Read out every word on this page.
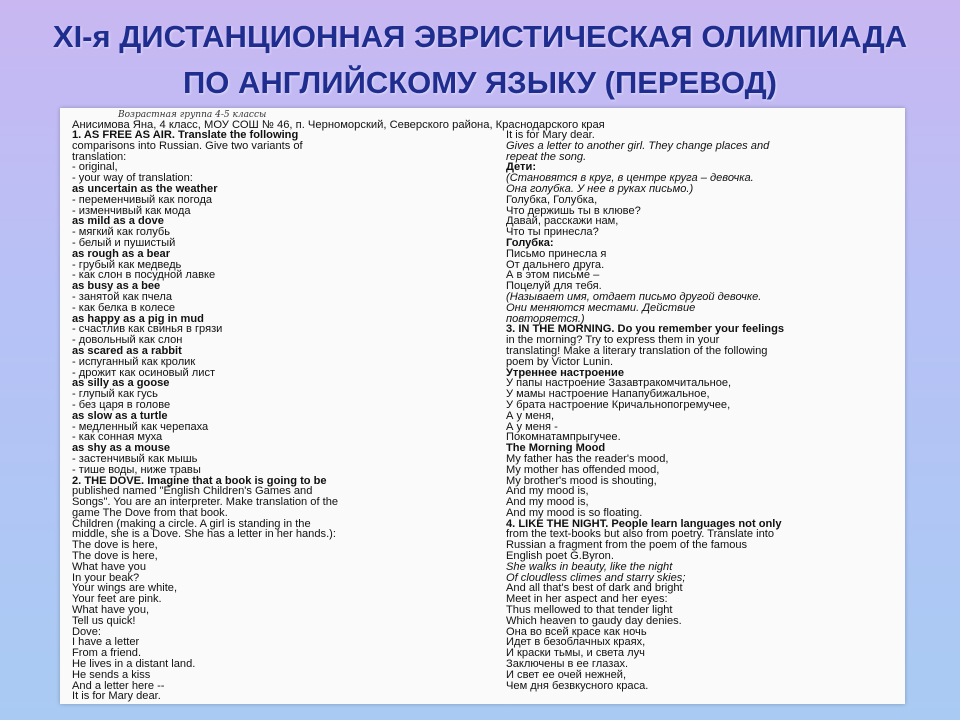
XI-я ДИСТАНЦИОННАЯ ЭВРИСТИЧЕСКАЯ ОЛИМПИАДА
ПО АНГЛИЙСКОМУ ЯЗЫКУ (ПЕРЕВОД)
Возрастная группа 4-5 классы
Анисимова Яна, 4 класс, МОУ СОШ № 46, п. Черноморский, Северского района, Краснодарского края
1. AS FREE AS AIR. Translate the following
comparisons into Russian. Give two variants of
translation:
- original,
- your way of translation:
as uncertain as the weather
- переменчивый как погода
- изменчивый как мода
as mild as a dove
- мягкий как голубь
- белый и пушистый
as rough as a bear
- грубый как медведь
- как слон в посудной лавке
as busy as a bee
- занятой как пчела
- как белка в колесе
as happy as a pig in mud
- счастлив как свинья в грязи
- довольный как слон
as scared as a rabbit
- испуганный как кролик
- дрожит как осиновый лист
as silly as a goose
- глупый как гусь
- без царя в голове
as slow as a turtle
- медленный как черепаха
- как сонная муха
as shy as a mouse
- застенчивый как мышь
- тише воды, ниже травы
2. THE DOVE. Imagine that a book is going to be
published named "English Children's Games and
Songs". You are an interpreter. Make translation of the
game The Dove from that book.
Children (making a circle. A girl is standing in the
middle, she is a Dove. She has a letter in her hands.):
The dove is here,
The dove is here,
What have you
In your beak?
Your wings are white,
Your feet are pink.
What have you,
Tell us quick!
Dove:
I have a letter
From a friend.
He lives in a distant land.
He sends a kiss
And a letter here --
It is for Mary dear.
It is for Mary dear.
Gives a letter to another girl. They change places and
repeat the song.
Дети:
(Становятся в круг, в центре круга – девочка.
Она голубка. У нее в руках письмо.)
Голубка, Голубка,
Что держишь ты в клюве?
Давай, расскажи нам,
Что ты принесла?
Голубка:
Письмо принесла я
От дальнего друга.
А в этом письме –
Поцелуй для тебя.
(Называет имя, отдает письмо другой девочке.
Они меняются местами. Действие
повторяется.)
3. IN THE MORNING. Do you remember your feelings
in the morning? Try to express them in your
translating! Make a literary translation of the following
poem by Victor Lunin.
Утреннее настроение
У папы настроение Зазавтракомчитальное,
У мамы настроение Напапубижальное,
У брата настроение Кричальнопогремучее,
А у меня,
А у меня -
Покомнатампрыгучее.
The Morning Mood
My father has the reader's mood,
My mother has offended mood,
My brother's mood is shouting,
And my mood is,
And my mood is,
And my mood is so floating.
4. LIKE THE NIGHT. People learn languages not only
from the text-books but also from poetry. Translate into
Russian a fragment from the poem of the famous
English poet G.Byron.
She walks in beauty, like the night
Of cloudless climes and starry skies;
And all that's best of dark and bright
Meet in her aspect and her eyes:
Thus mellowed to that tender light
Which heaven to gaudy day denies.
Она во всей красе как ночь
Идет в безоблачных краях,
И краски тьмы, и света луч
Заключены в ее глазах.
И свет ее очей нежней,
Чем дня безвкусного краса.
